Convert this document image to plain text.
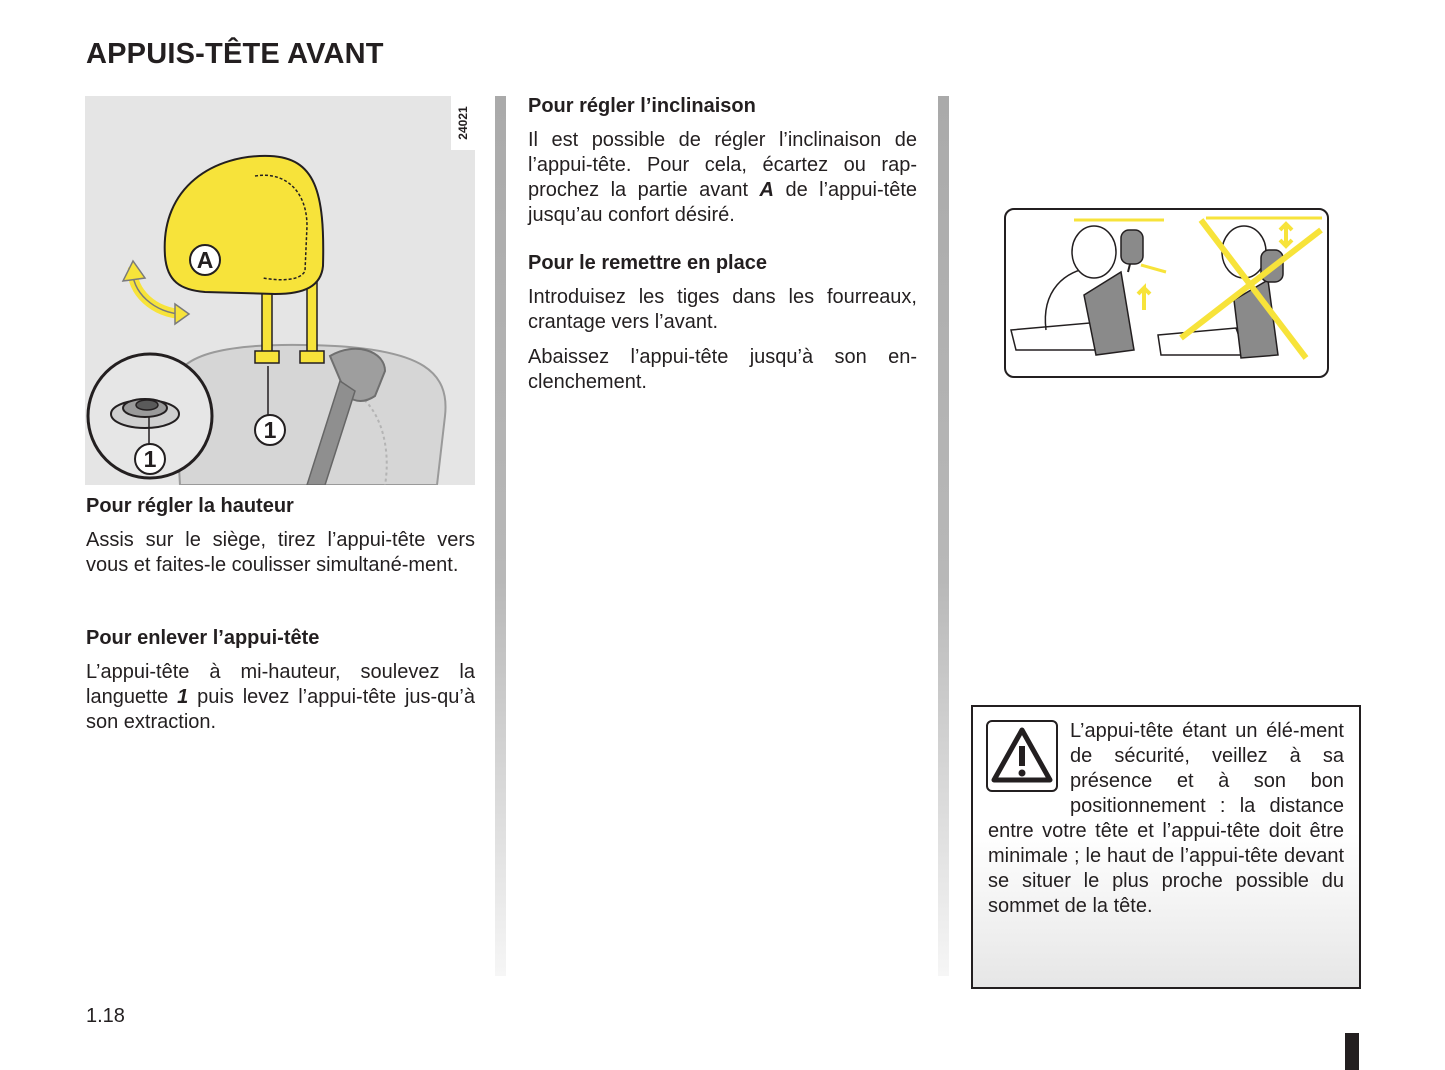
APPUIS-TÊTE AVANT
24021
A
1
1
Pour régler la hauteur

Assis sur le siège, tirez l’appui-tête vers vous et faites-le coulisser simultané-ment.

Pour enlever l’appui-tête

L’appui-tête à mi-hauteur, soulevez la languette 1 puis levez l’appui-tête jus-qu’à son extraction.

Pour régler l’inclinaison

Il est possible de régler l’inclinaison de l’appui-tête. Pour cela, écartez ou rap-prochez la partie avant A de l’appui-tête jusqu’au confort désiré.

Pour le remettre en place

Introduisez les tiges dans les fourreaux, crantage vers l’avant.

Abaissez l’appui-tête jusqu’à son en-clenchement.

L’appui-tête étant un élé-ment de sécurité, veillez à sa présence et à son bon positionnement : la distance entre votre tête et l’appui-tête doit être minimale ; le haut de l’appui-tête devant se situer le plus proche possible du sommet de la tête.

1.18
